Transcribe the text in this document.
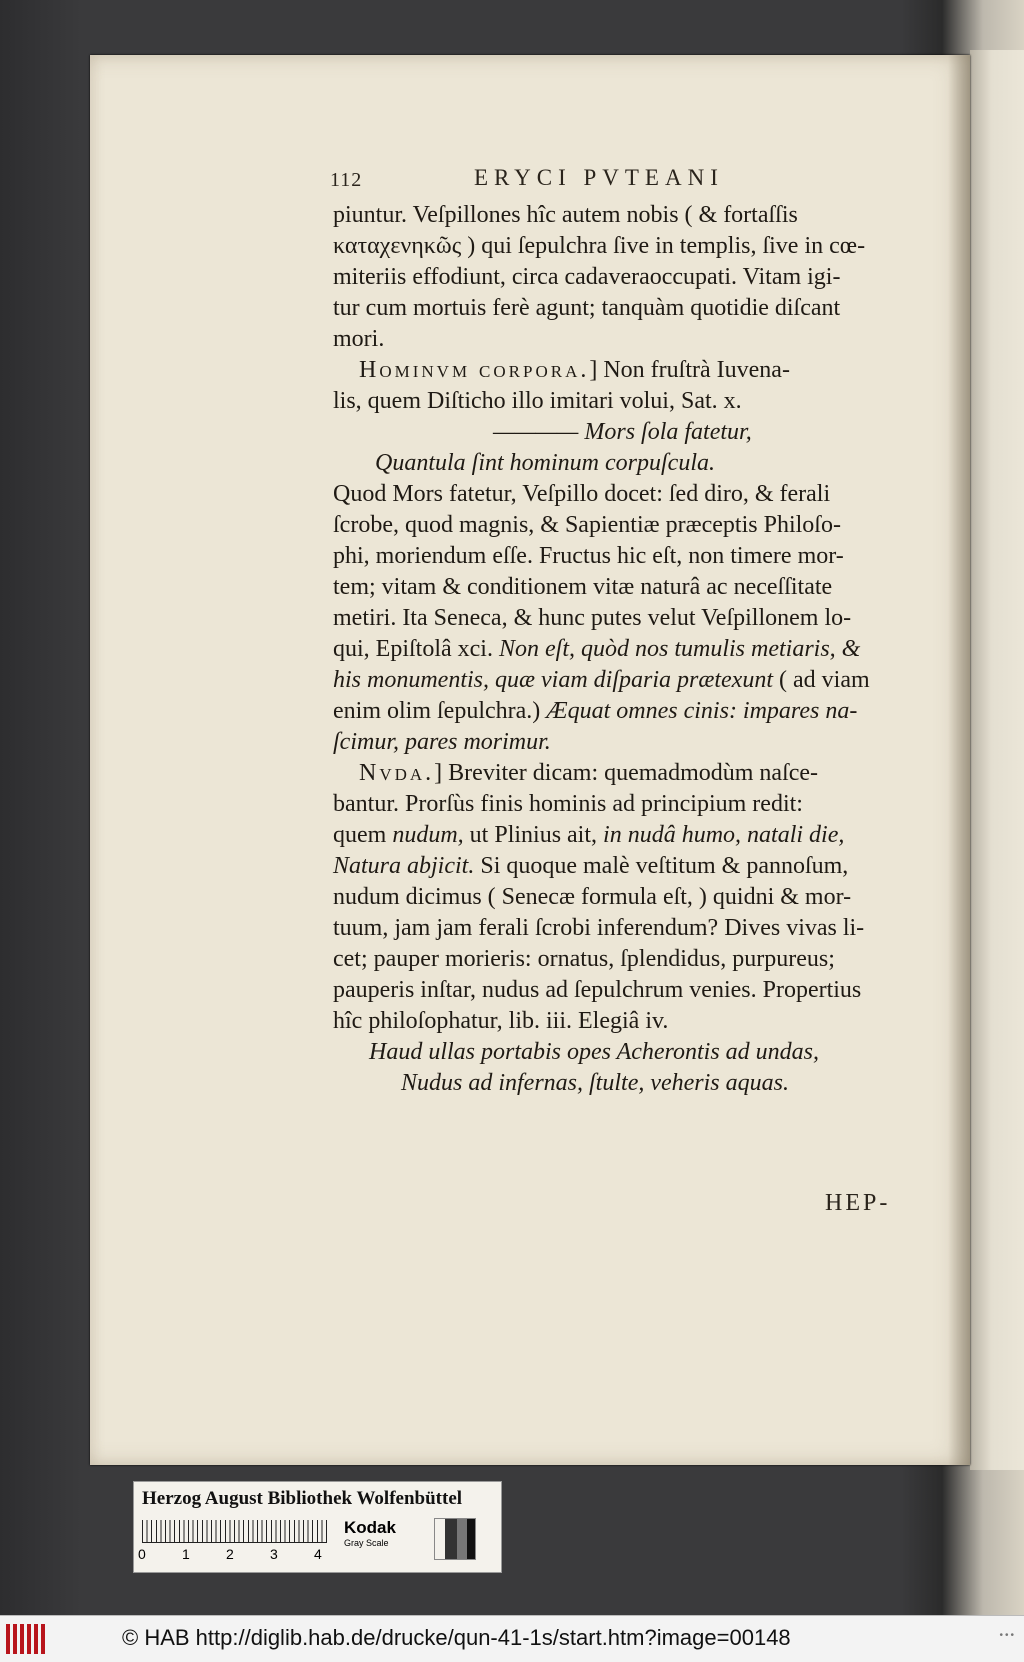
112	ERYCI PVTEANI

piuntur. Veſpillones hîc autem nobis ( & fortaſſis

καταχενηκῶς ) qui ſepulchra ſive in templis, ſive in cœ-

miteriis effodiunt, circa cadaveraoccupati. Vitam igi-

tur cum mortuis ferè agunt; tanquàm quotidie diſcant

mori.

Hominvm corpora.] Non fruſtrà Iuvena-

lis, quem Diſticho illo imitari volui, Sat. x.

———— Mors ſola fatetur,

Quantula ſint hominum corpuſcula.

Quod Mors fatetur, Veſpillo docet: ſed diro, & ferali

ſcrobe, quod magnis, & Sapientiæ præceptis Philoſo-

phi, moriendum eſſe. Fructus hic eſt, non timere mor-

tem; vitam & conditionem vitæ naturâ ac neceſſitate

metiri. Ita Seneca, & hunc putes velut Veſpillonem lo-

qui, Epiſtolâ xci. Non eſt, quòd nos tumulis metiaris, &

his monumentis, quæ viam diſparia prætexunt ( ad viam

enim olim ſepulchra.) Æquat omnes cinis: impares na-

ſcimur, pares morimur.

Nvda.] Breviter dicam: quemadmodùm naſce-

bantur. Prorſùs finis hominis ad principium redit:

quem nudum, ut Plinius ait, in nudâ humo, natali die,

Natura abjicit. Si quoque malè veſtitum & pannoſum,

nudum dicimus ( Senecæ formula eſt, ) quidni & mor-

tuum, jam jam ferali ſcrobi inferendum? Dives vivas li-

cet; pauper morieris: ornatus, ſplendidus, purpureus;

pauperis inſtar, nudus ad ſepulchrum venies. Propertius

hîc philoſophatur, lib. iii. Elegiâ iv.

Haud ullas portabis opes Acherontis ad undas,

Nudus ad infernas, ſtulte, veheris aquas.

HEP-
Herzog August Bibliothek Wolfenbüttel
0	1	2	3	4
Kodak
Gray Scale
© HAB http://diglib.hab.de/drucke/qun-41-1s/start.htm?image=00148	•••
